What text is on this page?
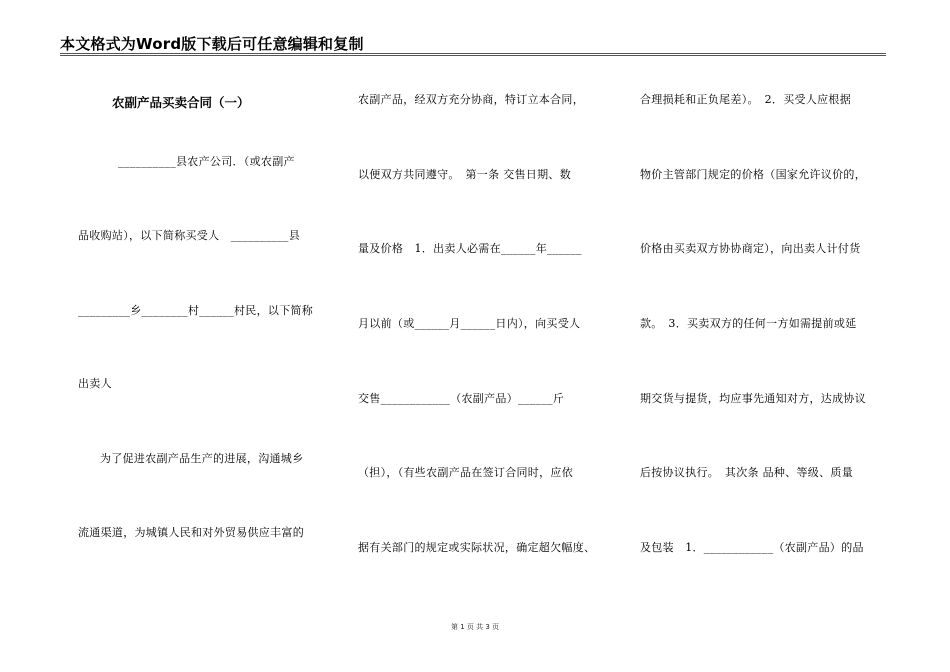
本文格式为Word版下载后可任意编辑和复制
农副产品买卖合同（一）
__________县农产公司．（或农副产
品收购站），以下简称买受人　__________县
_________乡________村______村民，以下简称
出卖人
为了促进农副产品生产的进展，沟通城乡
流通渠道，为城镇人民和对外贸易供应丰富的
农副产品，经双方充分协商，特订立本合同，
以便双方共同遵守。　第一条 交售日期、数
量及价格　1．出卖人必需在______年______
月以前（或______月______日内），向买受人
交售____________（农副产品）______斤
（担），（有些农副产品在签订合同时，应依
据有关部门的规定或实际状况，确定超欠幅度、
合理损耗和正负尾差）。　2．买受人应根据
物价主管部门规定的价格（国家允许议价的，
价格由买卖双方协协商定），向出卖人计付货
款。　3．买卖双方的任何一方如需提前或延
期交货与提货，均应事先通知对方，达成协议
后按协议执行。　其次条 品种、等级、质量
及包装　1．____________（农副产品）的品
第 1 页 共 3 页
